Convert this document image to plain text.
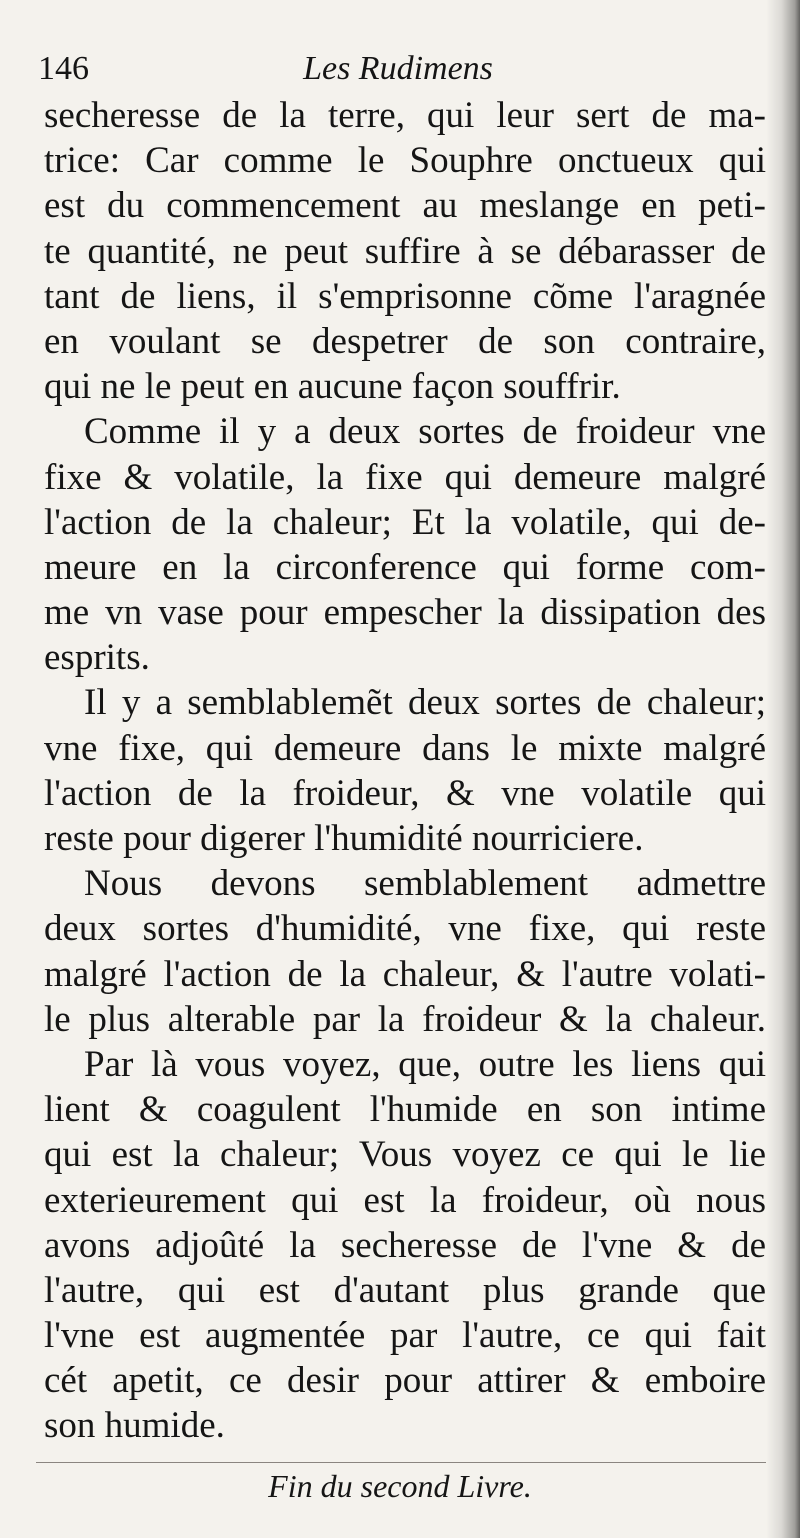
146	Les Rudimens
secheresse de la terre, qui leur sert de ma-
trice: Car comme le Souphre onctueux qui
est du commencement au meslange en peti-
te quantité, ne peut suffire à se débarasser de
tant de liens, il s'emprisonne cõme l'aragnée
en voulant se despetrer de son contraire,
qui ne le peut en aucune façon souffrir.
Comme il y a deux sortes de froideur vne
fixe & volatile, la fixe qui demeure malgré
l'action de la chaleur; Et la volatile, qui de-
meure en la circonference qui forme com-
me vn vase pour empescher la dissipation des
esprits.
Il y a semblablemẽt deux sortes de chaleur;
vne fixe, qui demeure dans le mixte malgré
l'action de la froideur, & vne volatile qui
reste pour digerer l'humidité nourriciere.
Nous devons semblablement admettre
deux sortes d'humidité, vne fixe, qui reste
malgré l'action de la chaleur, & l'autre volati-
le plus alterable par la froideur & la chaleur.
Par là vous voyez, que, outre les liens qui
lient & coagulent l'humide en son intime
qui est la chaleur; Vous voyez ce qui le lie
exterieurement qui est la froideur, où nous
avons adjoûté la secheresse de l'vne & de
l'autre, qui est d'autant plus grande que
l'vne est augmentée par l'autre, ce qui fait
cét apetit, ce desir pour attirer & emboire
son humide.
Fin du second Livre.
